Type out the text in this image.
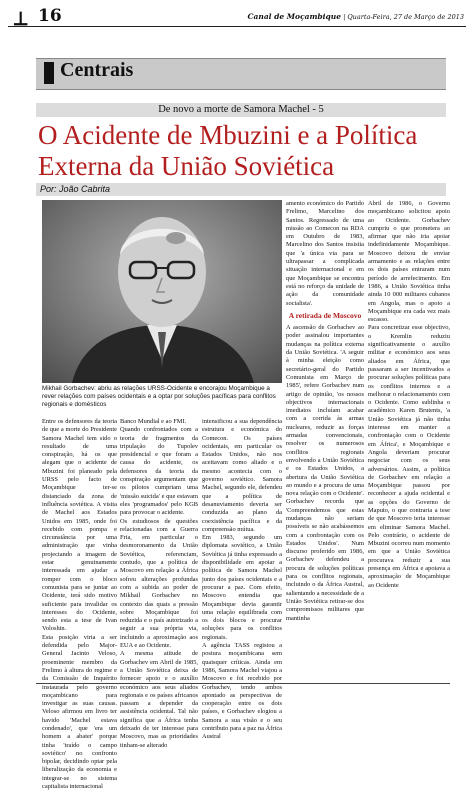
⟂ 16	Canal de Moçambique | Quarta-Feira, 27 de Março de 2013
Centrais
De novo a morte de Samora Machel - 5
O Acidente de Mbuzini e a Política Externa da União Soviética
Por: João Cabrita
Mikhail Gorbachev: abriu as relações URSS-Ocidente e encorajou Moçambique a rever relações com países ocidentais e a optar por soluções pacíficas para conflitos regionais e domésticos
Entre os defensores da teoria de que a morte do Presidente Samora Machel tem sido o resultado de uma conspiração, há os que alegam que o acidente de Mbuzini foi planeado pela URSS pelo facto de Moçambique ter-se distanciado da zona de influência soviética. A visita de Machel aos Estados Unidos em 1985, onde foi recebido com pompa e circunstância por uma administração que vinha projectando a imagem de estar genuinamente interessada em ajudar a romper com o bloco comunista para se juntar ao Ocidente, terá sido motivo suficiente para invalidar os interesses do Ocidente, sendo esta a tese de Ivan Voloshin.
Esta posição viria a ser defendida pelo Major-General Jacinto Veloso, proeminente membro da Frelimo à altura do regime e da Comissão de Inquérito instaurada pelo governo moçambicano para investigar as suas causas. Veloso afirmou em livro ter havido 'Machel estava condenado', que 'era um homem a abater' porque tinha 'traído o campo soviético' no confronto bipolar, decidindo optar pela liberalização da economia e integrar-se no sistema capitalista internacional
Banco Mundial e ao FMI.
Quando confrontados com a teoria de fragmentos da tripulação do Tupolev presidencial e que foram a causa do acidente, os defensores da teoria da conspiração argumentam que os pilotos cumpriam uma 'missão suicida' e que estavam eles 'programados' pelo KGB para provocar o acidente.
Os estudiosos de questões relacionadas com a Guerra Fria, em particular o desmoronamento da União Soviética, referenciam, contudo, que a política de Moscovo em relação a África sofreu alterações profundas com a subida ao poder de Mikhail Gorbachev no contexto das quais a pressão sobre Moçambique foi reduzida e o país autorizado a seguir a sua própria via, incluindo a aproximação aos EUA e ao Ocidente.
A mesma atitude de Gorbachev em Abril de 1985, a União Soviética deixa de fornecer apoio e o auxílio económico aos seus aliados regionais e os países africanos passam a depender da assistência ocidental. Tal não significa que a África tenha deixado de ter interesse para Moscovo, mas as prioridades tinham-se alterado
intensificou a sua dependência estrutura e económica do Comecon. Os países ocidentais, em particular os Estados Unidos, não nos aceitavam como aliado e o mesmo acontecia com o governo soviético. Samora Machel, segundo ele, defendeu que a política de desanuviamento deveria ser conduzida ao plano da coexistência pacífica e da compreensão mútua.
Em 1983, segundo um diplomata soviético, a União Soviética já tinha expressado a disponibilidade em apoiar a política de Samora Machel junto dos países ocidentais e a procurar a paz. Com efeito, Moscovo entendia que Moçambique devia garantir uma relação equilibrada com os dois blocos e procurar soluções para os conflitos regionais.
A agência TASS registou a postura moçambicana sem quaisquer críticas. Ainda em 1986, Samora Machel viajou a Moscovo e foi recebido por Gorbachev, tendo ambos apontado as perspectivas de cooperação entre os dois países, e Gorbachev elogiou a Samora a sua visão e o seu contributo para a paz na África Austral
amento económico do Partido Frelimo, Marcelino dos Santos. Regressado de uma missão ao Comecon na RDA em Outubro de 1983, Marcelino dos Santos insistia que 'a única via para se ultrapassar a complicada situação internacional e em que Moçambique se encontra está no reforço da unidade de ação da comunidade socialista'.
A retirada de Moscovo
A ascensão de Gorbachev ao poder assinalou importantes mudanças na política externa da União Soviética. 'A seguir à minha eleição como secretário-geral do Partido Comunista em Março de 1985', refere Gorbachev num artigo de opinião, 'os nossos objectivos internacionais imediatos incluíam acabar com a corrida às armas nucleares, reduzir as forças armadas convencionais, resolver os numerosos conflitos regionais envolvendo a União Soviética e os Estados Unidos, a abertura da União Soviética ao mundo e a procura de uma nova relação com o Ocidente'. Gorbachev recorda que 'Compreendemos que estas mudanças não seriam possíveis se não acabássemos com a confrontação com os Estados Unidos'. Num discurso proferido em 1986, Gorbachev defendeu a procura de soluções políticas para os conflitos regionais, incluindo o da África Austral, salientando a necessidade de a União Soviética retirar-se dos compromissos militares que mantinha
Abril de 1986, o Governo moçambicano solicitou apoio ao Ocidente. Gorbachev cumpriu o que prometera ao afirmar que não iria apoiar indefinidamente Moçambique. Moscovo deixou de enviar armamento e as relações entre os dois países entraram num período de arrefecimento. Em 1986, a União Soviética tinha ainda 10 000 militares cubanos em Angola, mas o apoio a Moçambique era cada vez mais escasso.
Para concretizar esse objectivo, o Kremlin reduziu significativamente o auxílio militar e económico aos seus aliados em África, que passaram a ser incentivados a procurar soluções políticas para os conflitos internos e a melhorar o relacionamento com o Ocidente. Como sublinha o académico Karen Brutents, 'a União Soviética já não tinha interesse em manter a confrontação com o Ocidente em África', e Moçambique e Angola deveriam procurar negociar com os seus adversários. Assim, a política de Gorbachev em relação a Moçambique passou por reconhecer a ajuda ocidental e as opções do Governo de Maputo, o que contraria a tese de que Moscovo teria interesse em eliminar Samora Machel. Pelo contrário, o acidente de Mbuzini ocorreu num momento em que a União Soviética procurava reduzir a sua presença em África e apoiava a aproximação de Moçambique ao Ocidente
